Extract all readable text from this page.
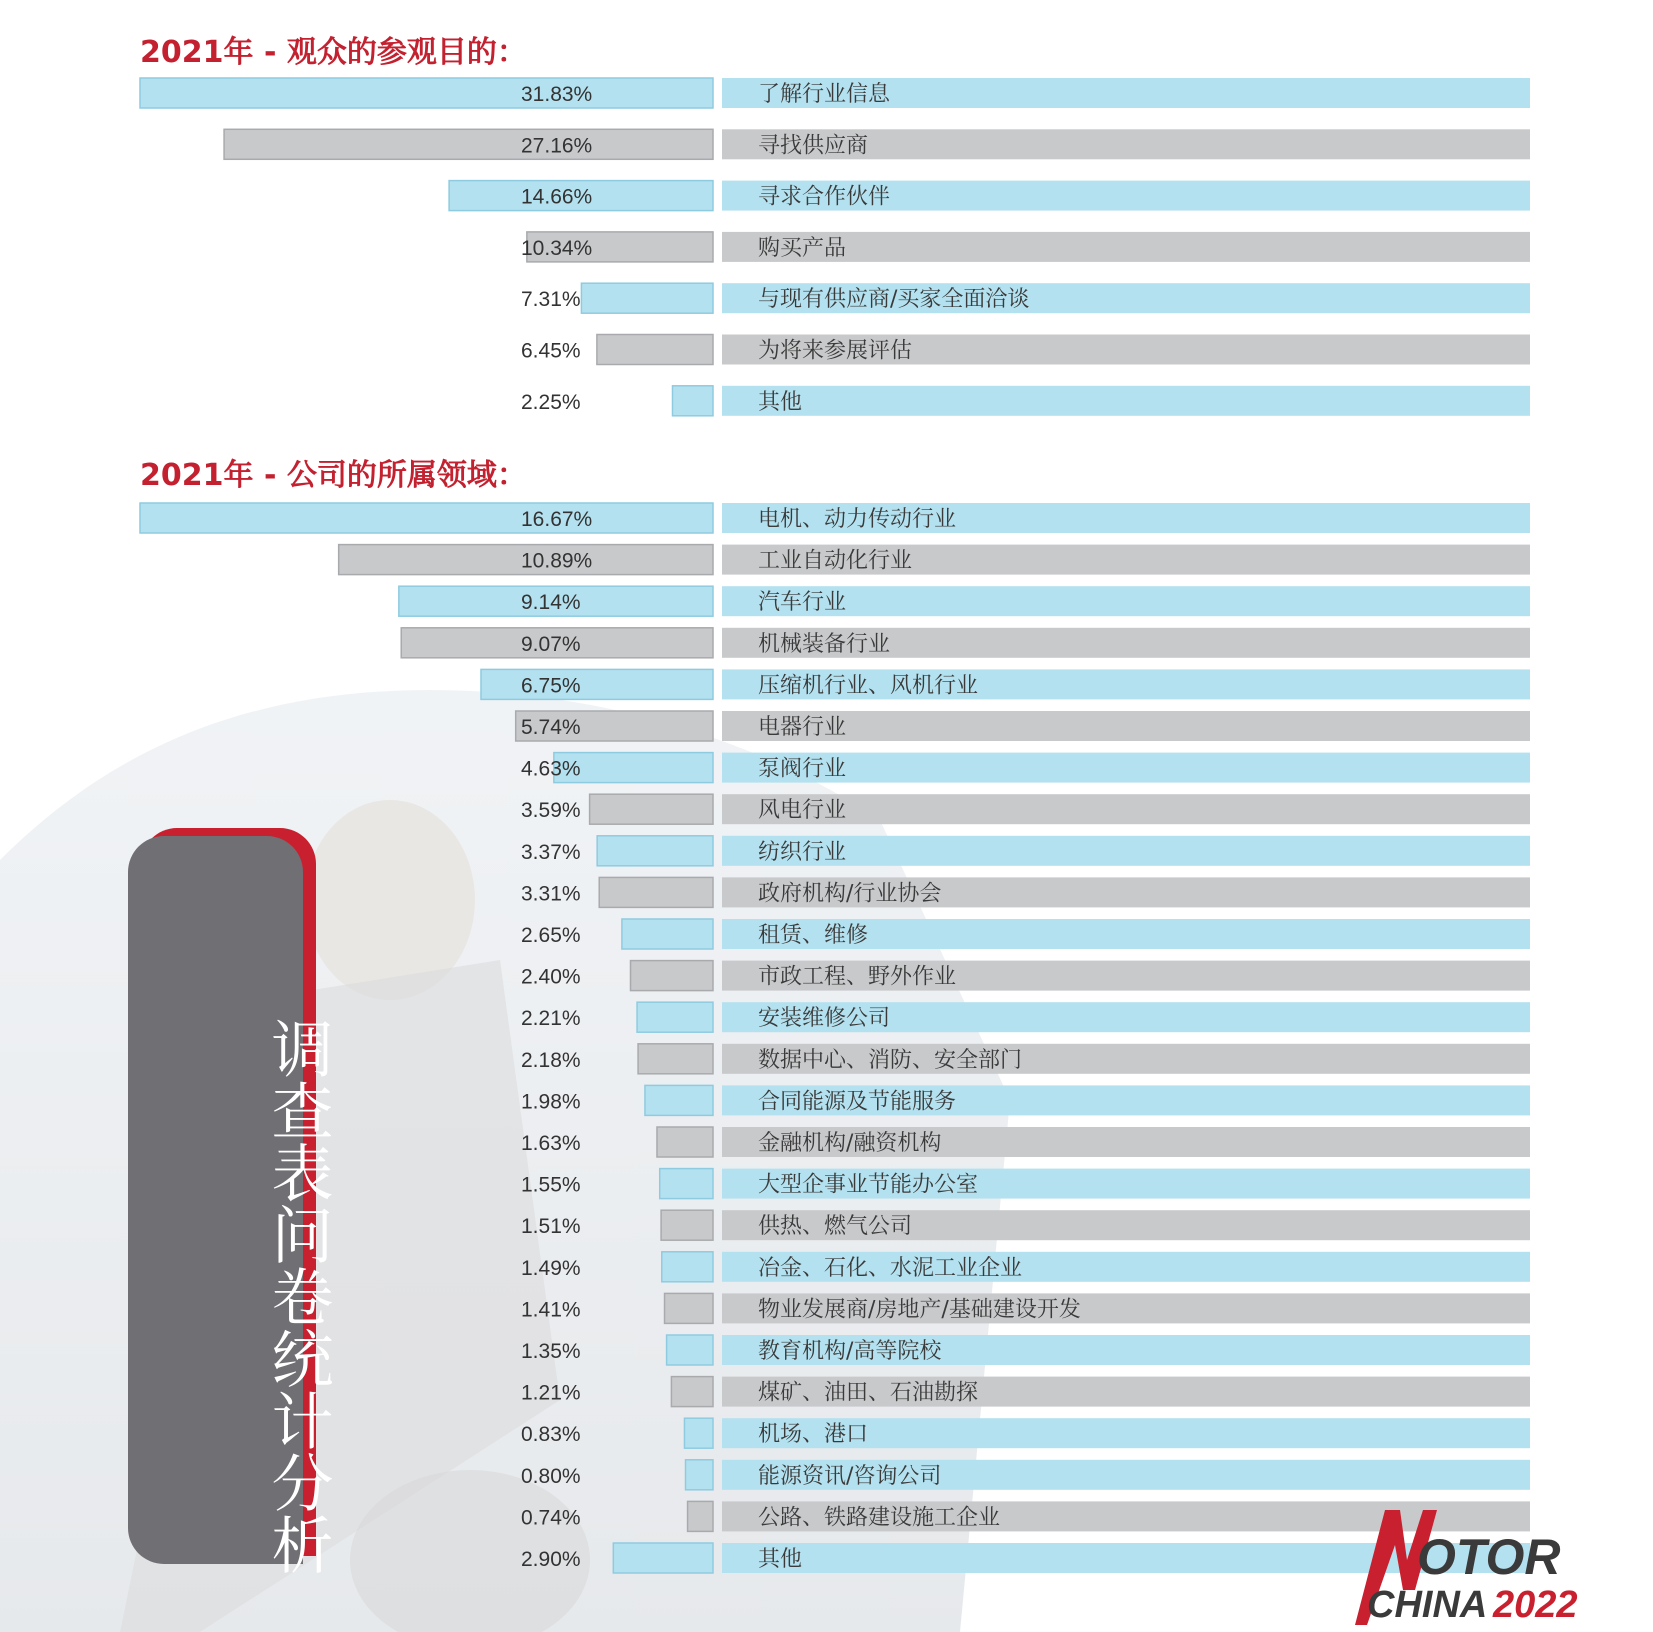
2021年 - 观众的参观目的：
2021年 - 公司的所属领域：
31.83%	了解行业信息
27.16%	寻找供应商
14.66%	寻求合作伙伴
10.34%	购买产品
7.31%	与现有供应商/买家全面洽谈
6.45%	为将来参展评估
2.25%	其他
16.67%	电机、动力传动行业
10.89%	工业自动化行业
9.14%	汽车行业
9.07%	机械装备行业
6.75%	压缩机行业、风机行业
5.74%	电器行业
4.63%	泵阀行业
3.59%	风电行业
3.37%	纺织行业
3.31%	政府机构/行业协会
2.65%	租赁、维修
2.40%	市政工程、野外作业
2.21%	安装维修公司
2.18%	数据中心、消防、安全部门
1.98%	合同能源及节能服务
1.63%	金融机构/融资机构
1.55%	大型企事业节能办公室
1.51%	供热、燃气公司
1.49%	冶金、石化、水泥工业企业
1.41%	物业发展商/房地产/基础建设开发
1.35%	教育机构/高等院校
1.21%	煤矿、油田、石油勘探
0.83%	机场、港口
0.80%	能源资讯/咨询公司
0.74%	公路、铁路建设施工企业
2.90%	其他
调查表问卷统计分析	OTOR
CHINA 2022
